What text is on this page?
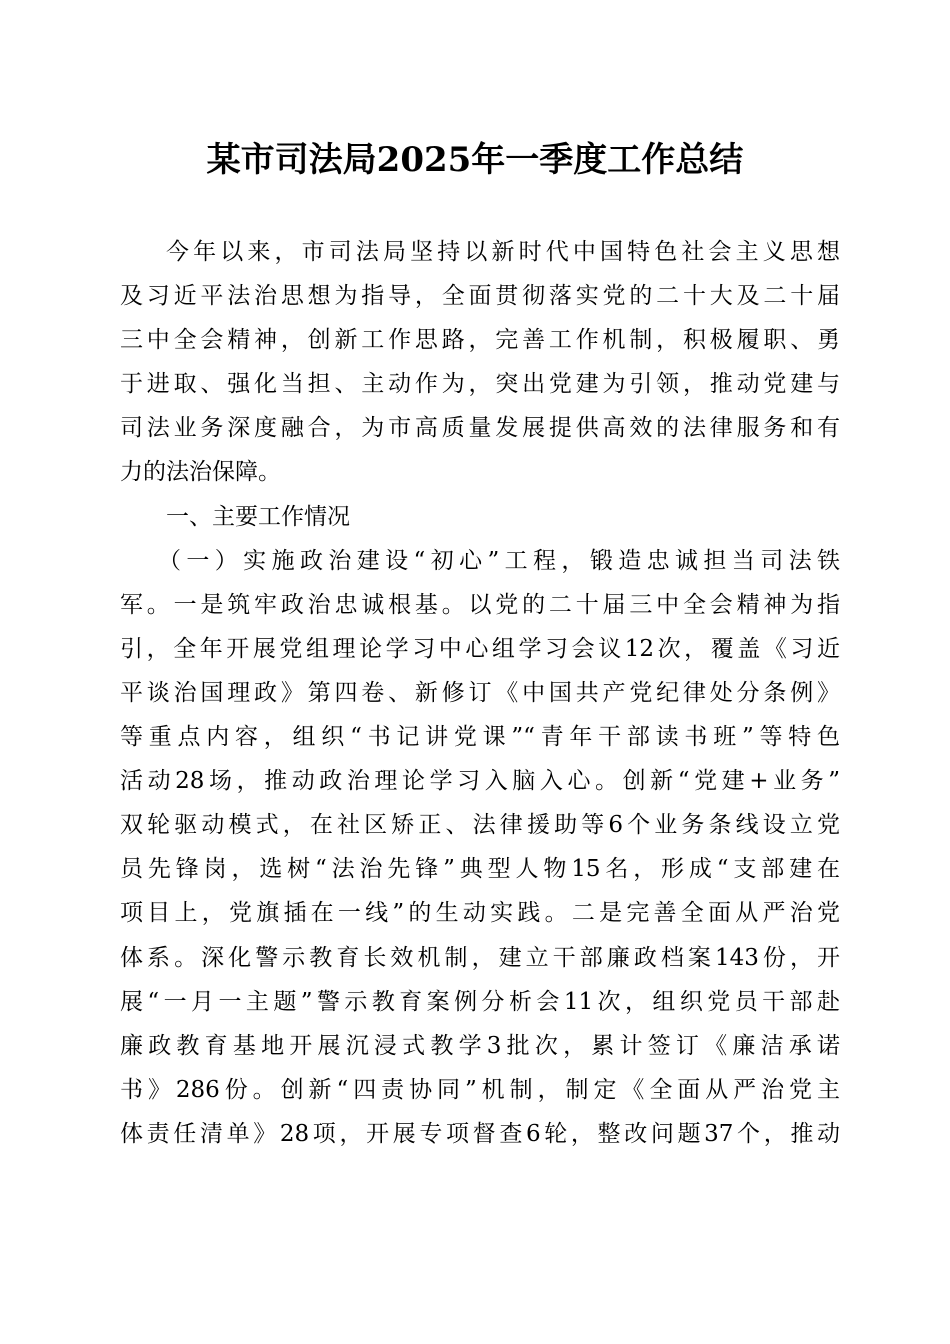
某市司法局2025年一季度工作总结
今年以来，市司法局坚持以新时代中国特色社会主义思想
及习近平法治思想为指导，全面贯彻落实党的二十大及二十届
三中全会精神，创新工作思路，完善工作机制，积极履职、勇
于进取、强化当担、主动作为，突出党建为引领，推动党建与
司法业务深度融合，为市高质量发展提供高效的法律服务和有
力的法治保障。
一、主要工作情况
（一）实施政治建设“初心”工程，锻造忠诚担当司法铁
军。一是筑牢政治忠诚根基。以党的二十届三中全会精神为指
引，全年开展党组理论学习中心组学习会议12次，覆盖《习近
平谈治国理政》第四卷、新修订《中国共产党纪律处分条例》
等重点内容，组织“书记讲党课”“青年干部读书班”等特色
活动28场，推动政治理论学习入脑入心。创新“党建+业务”
双轮驱动模式，在社区矫正、法律援助等6个业务条线设立党
员先锋岗，选树“法治先锋”典型人物15名，形成“支部建在
项目上，党旗插在一线”的生动实践。二是完善全面从严治党
体系。深化警示教育长效机制，建立干部廉政档案143份，开
展“一月一主题”警示教育案例分析会11次，组织党员干部赴
廉政教育基地开展沉浸式教学3批次，累计签订《廉洁承诺
书》286份。创新“四责协同”机制，制定《全面从严治党主
体责任清单》28项，开展专项督查6轮，整改问题37个，推动
